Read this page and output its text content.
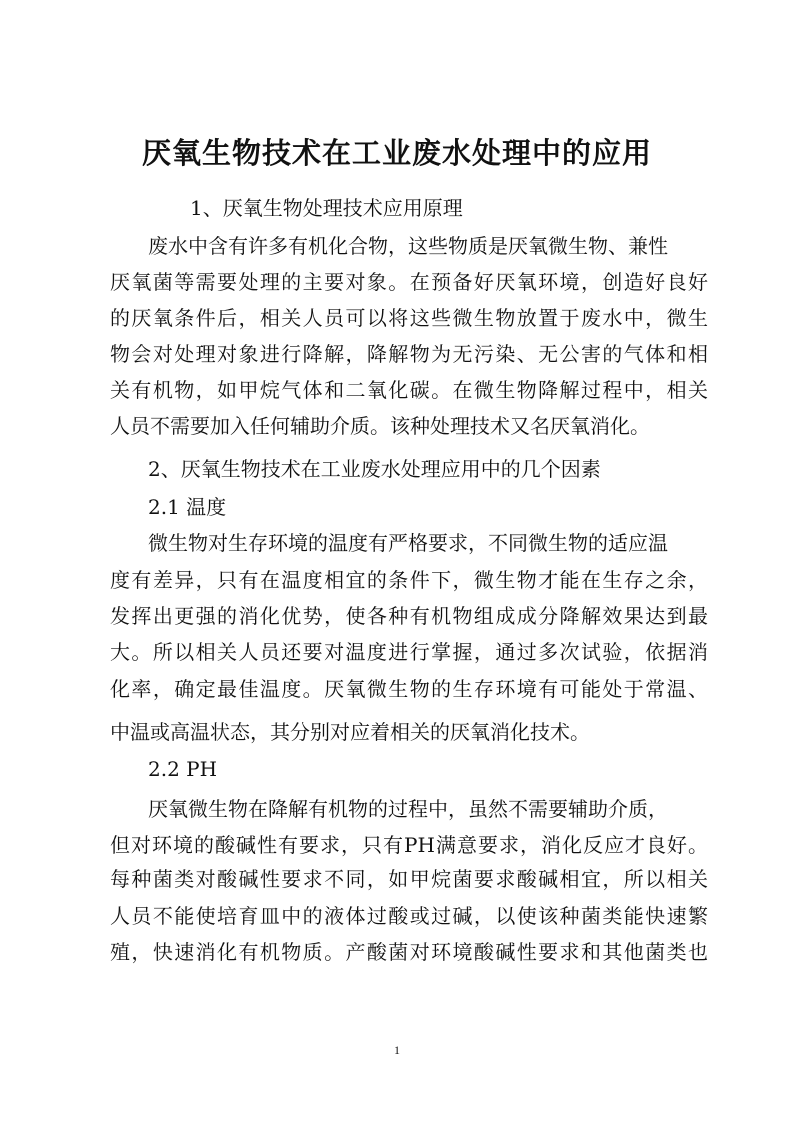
厌氧生物技术在工业废水处理中的应用

1、厌氧生物处理技术应用原理

废水中含有许多有机化合物，这些物质是厌氧微生物、兼性

厌氧菌等需要处理的主要对象。在预备好厌氧环境，创造好良好

的厌氧条件后，相关人员可以将这些微生物放置于废水中，微生

物会对处理对象进行降解，降解物为无污染、无公害的气体和相

关有机物，如甲烷气体和二氧化碳。在微生物降解过程中，相关

人员不需要加入任何辅助介质。该种处理技术又名厌氧消化。

2、厌氧生物技术在工业废水处理应用中的几个因素

2.1 温度

微生物对生存环境的温度有严格要求，不同微生物的适应温

度有差异，只有在温度相宜的条件下，微生物才能在生存之余，

发挥出更强的消化优势，使各种有机物组成成分降解效果达到最

大。所以相关人员还要对温度进行掌握，通过多次试验，依据消

化率，确定最佳温度。厌氧微生物的生存环境有可能处于常温、

中温或高温状态，其分别对应着相关的厌氧消化技术。

2.2 PH

厌氧微生物在降解有机物的过程中，虽然不需要辅助介质，

但对环境的酸碱性有要求，只有PH满意要求，消化反应才良好。

每种菌类对酸碱性要求不同，如甲烷菌要求酸碱相宜，所以相关

人员不能使培育皿中的液体过酸或过碱，以使该种菌类能快速繁

殖，快速消化有机物质。产酸菌对环境酸碱性要求和其他菌类也

1
